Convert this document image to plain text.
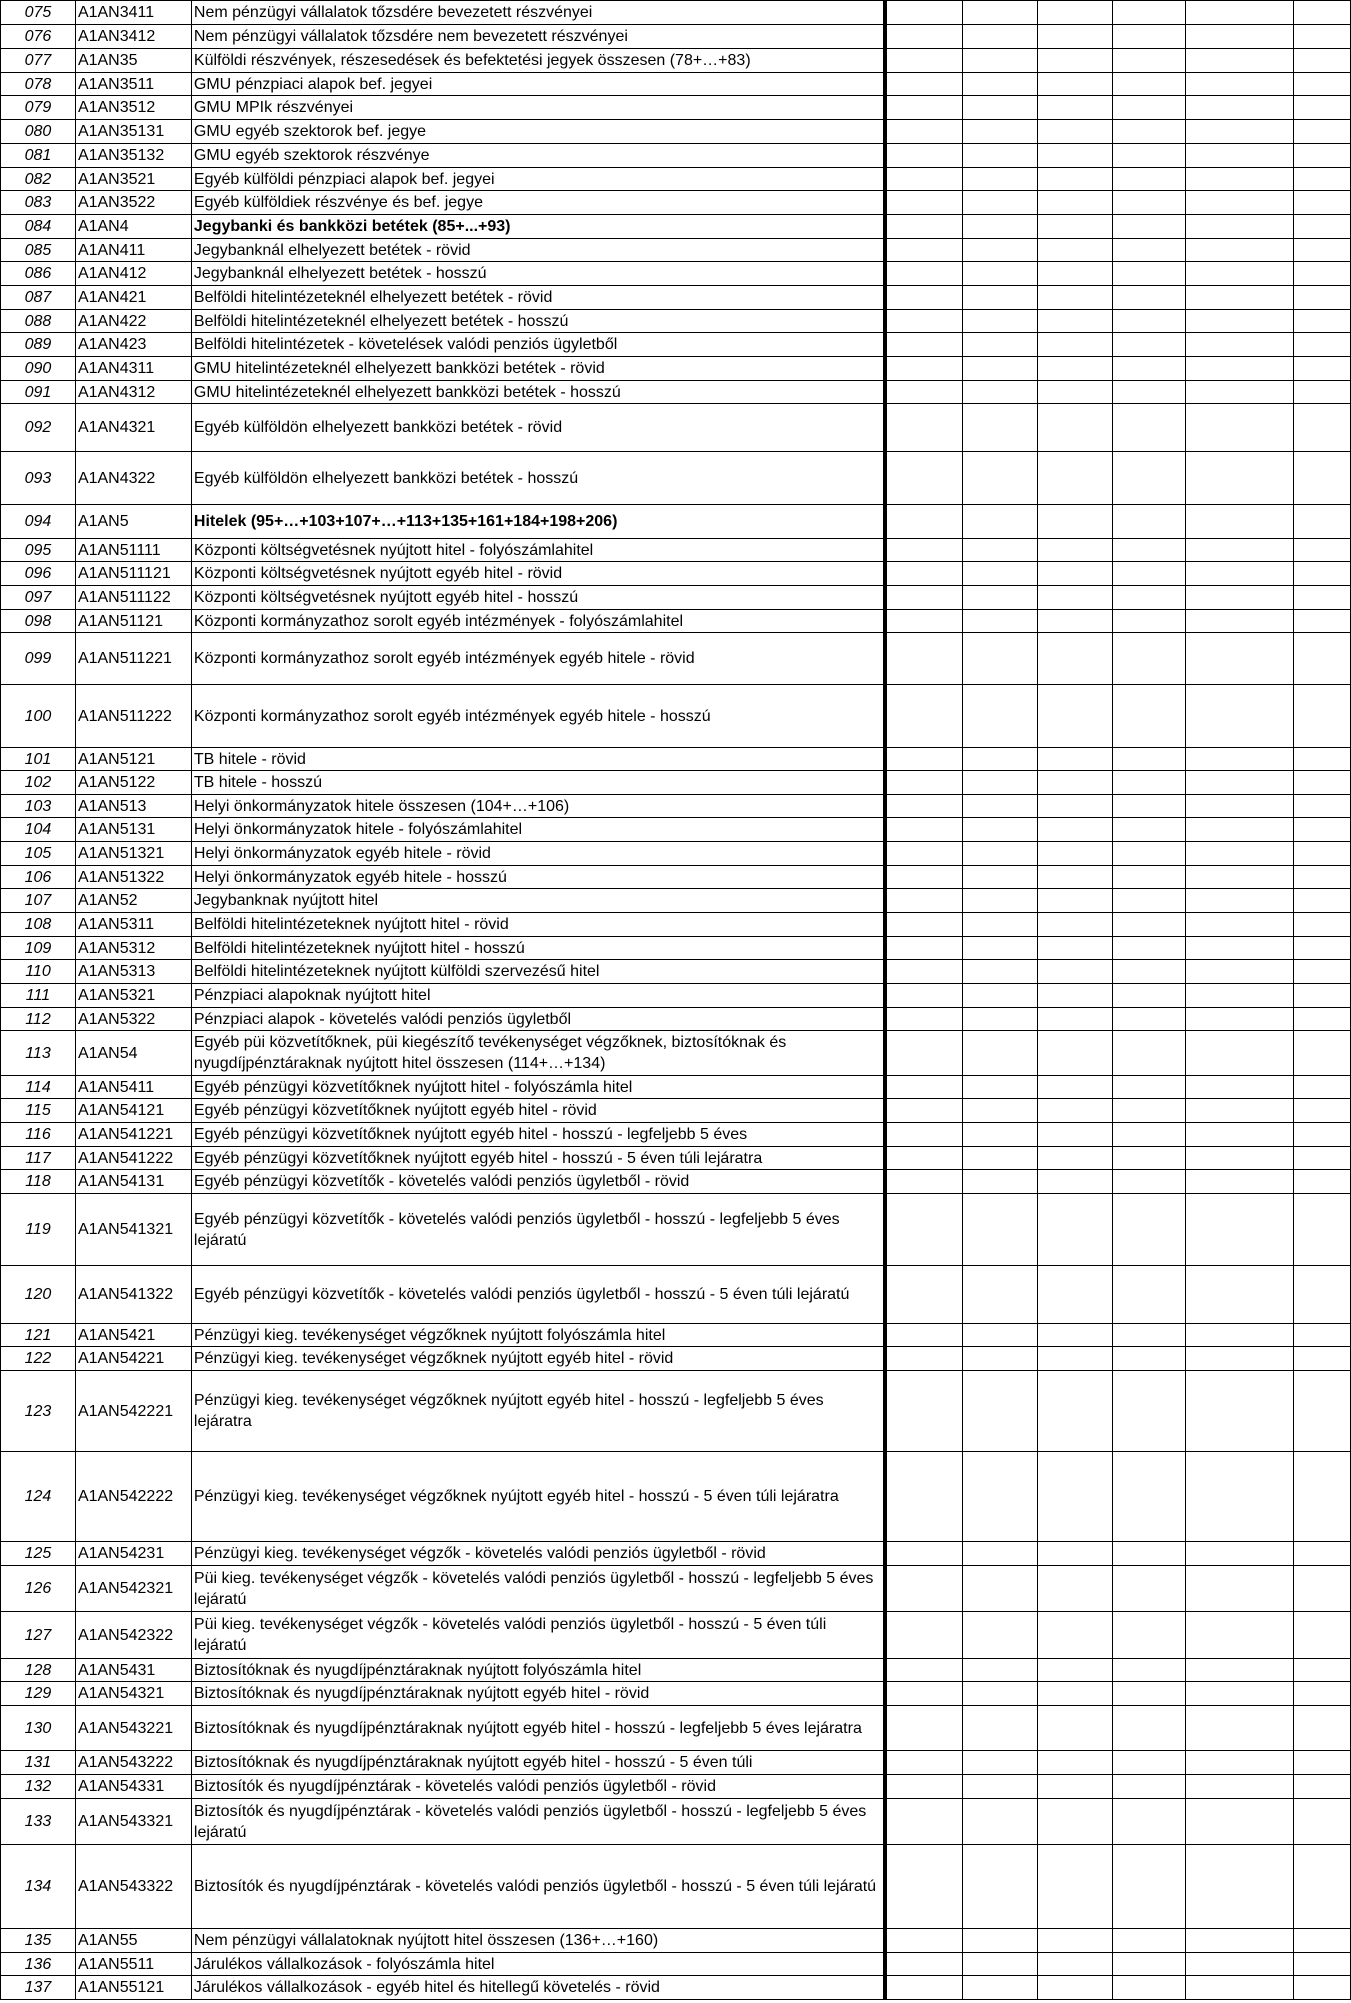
075	A1AN3411	Nem pénzügyi vállalatok tőzsdére bevezetett részvényei						
076	A1AN3412	Nem pénzügyi vállalatok tőzsdére nem bevezetett részvényei						
077	A1AN35	Külföldi részvények, részesedések és befektetési jegyek összesen (78+…+83)						
078	A1AN3511	GMU pénzpiaci alapok bef. jegyei						
079	A1AN3512	GMU MPIk részvényei						
080	A1AN35131	GMU egyéb szektorok bef. jegye						
081	A1AN35132	GMU egyéb szektorok részvénye						
082	A1AN3521	Egyéb külföldi pénzpiaci alapok bef. jegyei						
083	A1AN3522	Egyéb külföldiek részvénye és bef. jegye						
084	A1AN4	Jegybanki és bankközi betétek (85+...+93)						
085	A1AN411	Jegybanknál elhelyezett betétek - rövid						
086	A1AN412	Jegybanknál elhelyezett betétek - hosszú						
087	A1AN421	Belföldi hitelintézeteknél elhelyezett betétek - rövid						
088	A1AN422	Belföldi hitelintézeteknél elhelyezett betétek - hosszú						
089	A1AN423	Belföldi hitelintézetek - követelések valódi penziós ügyletből						
090	A1AN4311	GMU hitelintézeteknél elhelyezett bankközi betétek - rövid						
091	A1AN4312	GMU hitelintézeteknél elhelyezett bankközi betétek - hosszú						
092	A1AN4321	Egyéb külföldön elhelyezett bankközi betétek - rövid						
093	A1AN4322	Egyéb külföldön elhelyezett bankközi betétek - hosszú						
094	A1AN5	Hitelek (95+…+103+107+…+113+135+161+184+198+206)						
095	A1AN51111	Központi költségvetésnek nyújtott hitel - folyószámlahitel						
096	A1AN511121	Központi költségvetésnek nyújtott egyéb hitel - rövid						
097	A1AN511122	Központi költségvetésnek nyújtott egyéb hitel - hosszú						
098	A1AN51121	Központi kormányzathoz sorolt egyéb intézmények - folyószámlahitel						
099	A1AN511221	Központi kormányzathoz sorolt egyéb intézmények egyéb hitele - rövid						
100	A1AN511222	Központi kormányzathoz sorolt egyéb intézmények egyéb hitele - hosszú						
101	A1AN5121	TB hitele - rövid						
102	A1AN5122	TB hitele - hosszú						
103	A1AN513	Helyi önkormányzatok hitele összesen (104+…+106)						
104	A1AN5131	Helyi önkormányzatok hitele - folyószámlahitel						
105	A1AN51321	Helyi önkormányzatok egyéb hitele - rövid						
106	A1AN51322	Helyi önkormányzatok egyéb hitele - hosszú						
107	A1AN52	Jegybanknak nyújtott hitel						
108	A1AN5311	Belföldi hitelintézeteknek nyújtott hitel - rövid						
109	A1AN5312	Belföldi hitelintézeteknek nyújtott hitel - hosszú						
110	A1AN5313	Belföldi hitelintézeteknek nyújtott külföldi szervezésű hitel						
111	A1AN5321	Pénzpiaci alapoknak nyújtott hitel						
112	A1AN5322	Pénzpiaci alapok - követelés valódi penziós ügyletből						
113	A1AN54	Egyéb püi közvetítőknek, püi kiegészítő tevékenységet végzőknek, biztosítóknak és nyugdíjpénztáraknak nyújtott hitel összesen (114+…+134)						
114	A1AN5411	Egyéb pénzügyi közvetítőknek nyújtott hitel - folyószámla hitel						
115	A1AN54121	Egyéb pénzügyi közvetítőknek nyújtott egyéb hitel - rövid						
116	A1AN541221	Egyéb pénzügyi közvetítőknek nyújtott egyéb hitel - hosszú - legfeljebb 5 éves						
117	A1AN541222	Egyéb pénzügyi közvetítőknek nyújtott egyéb hitel - hosszú - 5 éven túli lejáratra						
118	A1AN54131	Egyéb pénzügyi közvetítők - követelés valódi penziós ügyletből - rövid						
119	A1AN541321	Egyéb pénzügyi közvetítők - követelés valódi penziós ügyletből - hosszú - legfeljebb 5 éves lejáratú						
120	A1AN541322	Egyéb pénzügyi közvetítők - követelés valódi penziós ügyletből - hosszú - 5 éven túli lejáratú						
121	A1AN5421	Pénzügyi kieg. tevékenységet végzőknek nyújtott folyószámla hitel						
122	A1AN54221	Pénzügyi kieg. tevékenységet végzőknek nyújtott egyéb hitel - rövid						
123	A1AN542221	Pénzügyi kieg. tevékenységet végzőknek nyújtott egyéb hitel - hosszú - legfeljebb 5 éves lejáratra						
124	A1AN542222	Pénzügyi kieg. tevékenységet végzőknek nyújtott egyéb hitel - hosszú - 5 éven túli lejáratra						
125	A1AN54231	Pénzügyi kieg. tevékenységet végzők - követelés valódi penziós ügyletből - rövid						
126	A1AN542321	Püi kieg. tevékenységet végzők - követelés valódi penziós ügyletből - hosszú - legfeljebb 5 éves lejáratú						
127	A1AN542322	Püi kieg. tevékenységet végzők - követelés valódi penziós ügyletből - hosszú - 5 éven túli lejáratú						
128	A1AN5431	Biztosítóknak és nyugdíjpénztáraknak nyújtott folyószámla hitel						
129	A1AN54321	Biztosítóknak és nyugdíjpénztáraknak nyújtott egyéb hitel - rövid						
130	A1AN543221	Biztosítóknak és nyugdíjpénztáraknak nyújtott egyéb hitel - hosszú - legfeljebb 5 éves lejáratra						
131	A1AN543222	Biztosítóknak és nyugdíjpénztáraknak nyújtott egyéb hitel - hosszú - 5 éven túli						
132	A1AN54331	Biztosítók és nyugdíjpénztárak - követelés valódi penziós ügyletből - rövid						
133	A1AN543321	Biztosítók és nyugdíjpénztárak - követelés valódi penziós ügyletből - hosszú - legfeljebb 5 éves lejáratú						
134	A1AN543322	Biztosítók és nyugdíjpénztárak - követelés valódi penziós ügyletből - hosszú - 5 éven túli lejáratú						
135	A1AN55	Nem pénzügyi vállalatoknak nyújtott hitel összesen (136+…+160)						
136	A1AN5511	Járulékos vállalkozások - folyószámla hitel						
137	A1AN55121	Járulékos vállalkozások - egyéb hitel és hitellegű követelés - rövid						
